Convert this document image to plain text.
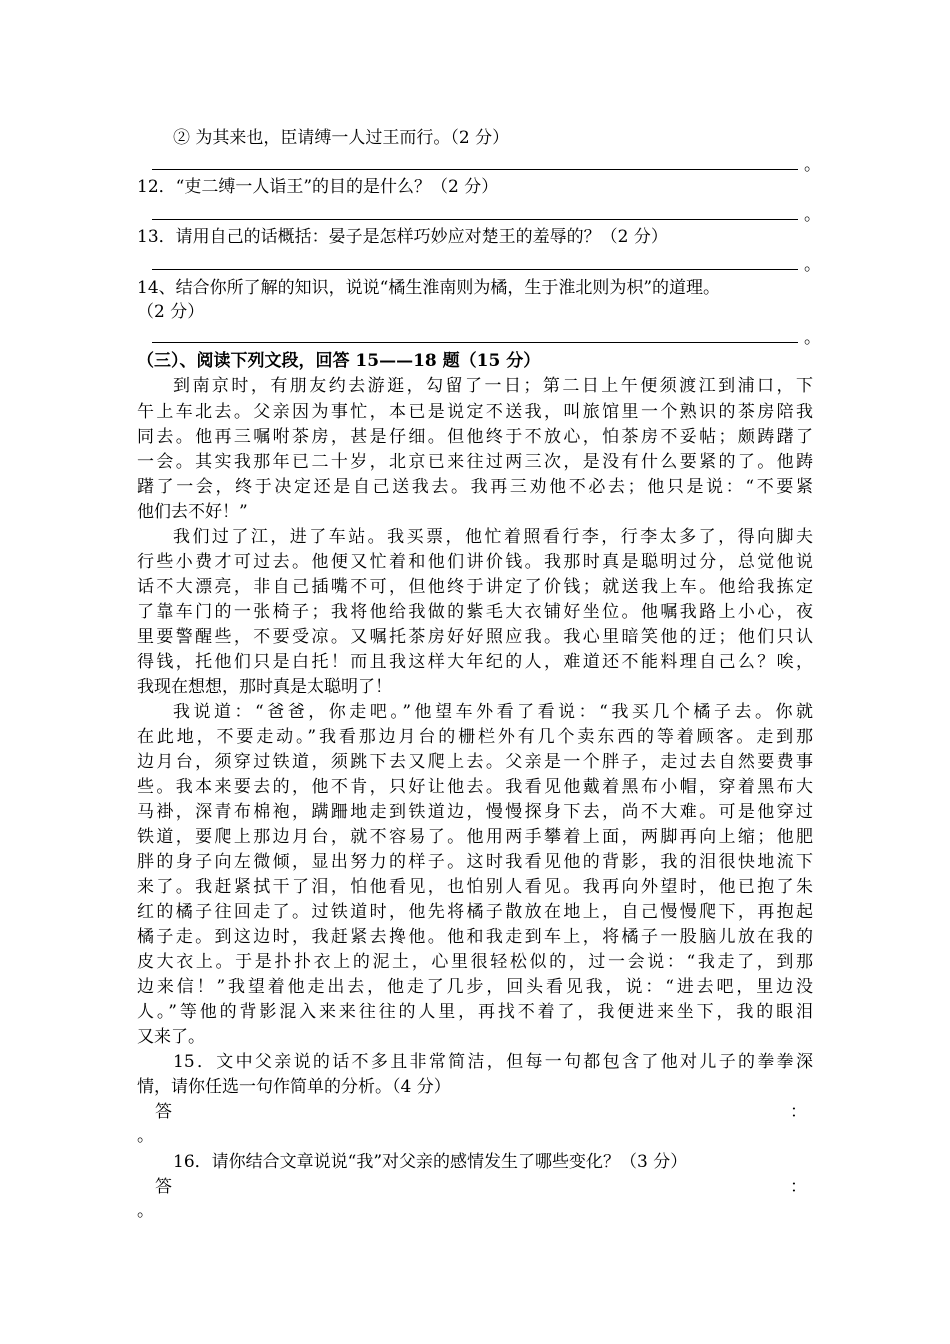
② 为其来也，臣请缚一人过王而行。（2 分）
。
12．“吏二缚一人诣王”的目的是什么？（2 分）
。
13．请用自己的话概括：晏子是怎样巧妙应对楚王的羞辱的？（2 分）
。
14、结合你所了解的知识，说说“橘生淮南则为橘，生于淮北则为枳”的道理。
（2 分）
。
（三）、阅读下列文段，回答 15——18 题（15 分）
到南京时，有朋友约去游逛，勾留了一日；第二日上午便须渡江到浦口，下
午上车北去。父亲因为事忙，本已是说定不送我，叫旅馆里一个熟识的茶房陪我
同去。他再三嘱咐茶房，甚是仔细。但他终于不放心，怕茶房不妥帖；颇踌躇了
一会。其实我那年已二十岁，北京已来往过两三次，是没有什么要紧的了。他踌
躇了一会，终于决定还是自己送我去。我再三劝他不必去；他只是说：“不要紧
他们去不好！”
我们过了江，进了车站。我买票，他忙着照看行李，行李太多了，得向脚夫
行些小费才可过去。他便又忙着和他们讲价钱。我那时真是聪明过分，总觉他说
话不大漂亮，非自己插嘴不可，但他终于讲定了价钱；就送我上车。他给我拣定
了靠车门的一张椅子；我将他给我做的紫毛大衣铺好坐位。他嘱我路上小心，夜
里要警醒些，不要受凉。又嘱托茶房好好照应我。我心里暗笑他的迂；他们只认
得钱，托他们只是白托！而且我这样大年纪的人，难道还不能料理自己么？唉，
我现在想想，那时真是太聪明了！
我说道：“爸爸，你走吧。”他望车外看了看说：“我买几个橘子去。你就
在此地，不要走动。”我看那边月台的栅栏外有几个卖东西的等着顾客。走到那
边月台，须穿过铁道，须跳下去又爬上去。父亲是一个胖子，走过去自然要费事
些。我本来要去的，他不肯，只好让他去。我看见他戴着黑布小帽，穿着黑布大
马褂，深青布棉袍，蹒跚地走到铁道边，慢慢探身下去，尚不大难。可是他穿过
铁道，要爬上那边月台，就不容易了。他用两手攀着上面，两脚再向上缩；他肥
胖的身子向左微倾，显出努力的样子。这时我看见他的背影，我的泪很快地流下
来了。我赶紧拭干了泪，怕他看见，也怕别人看见。我再向外望时，他已抱了朱
红的橘子往回走了。过铁道时，他先将橘子散放在地上，自己慢慢爬下，再抱起
橘子走。到这边时，我赶紧去搀他。他和我走到车上，将橘子一股脑儿放在我的
皮大衣上。于是扑扑衣上的泥土，心里很轻松似的，过一会说：“我走了，到那
边来信！”我望着他走出去，他走了几步，回头看见我，说：“进去吧，里边没
人。”等他的背影混入来来往往的人里，再找不着了，我便进来坐下，我的眼泪
又来了。
15．文中父亲说的话不多且非常简洁，但每一句都包含了他对儿子的拳拳深
情，请你任选一句作简单的分析。（4 分）
答	：
。
16．请你结合文章说说“我”对父亲的感情发生了哪些变化？（3 分）
答	：
。
